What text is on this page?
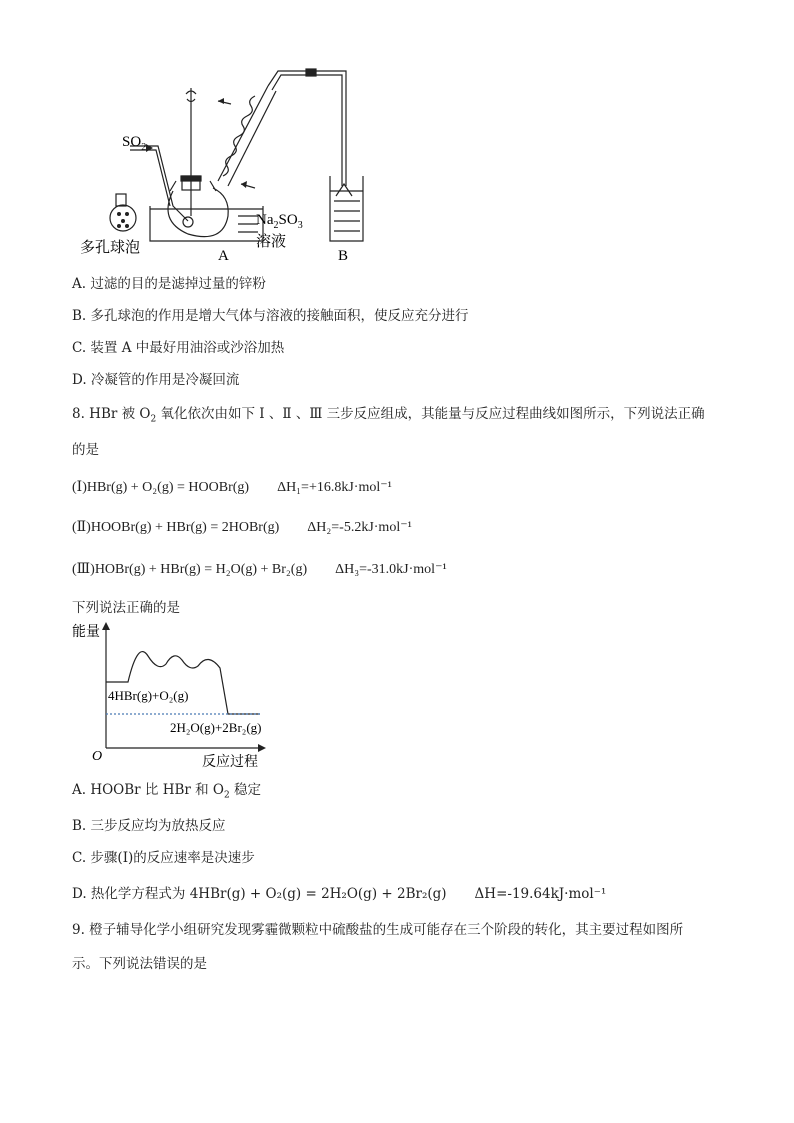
$SO_2$
$Na_2SO_3$
溶液
多孔球泡	A	B
A. 过滤的目的是滤掉过量的锌粉
B. 多孔球泡的作用是增大气体与溶液的接触面积，使反应充分进行
C. 装置 A 中最好用油浴或沙浴加热
D. 冷凝管的作用是冷凝回流
8. HBr 被 $O_2$ 氧化依次由如下 Ⅰ 、Ⅱ 、Ⅲ 三步反应组成，其能量与反应过程曲线如图所示，下列说法正确
的是
(Ⅰ)HBr(g) + O₂(g) = HOOBr(g) ΔH₁=+16.8kJ·mol⁻¹
(Ⅱ)HOOBr(g) + HBr(g) = 2HOBr(g) ΔH₂=-5.2kJ·mol⁻¹
(Ⅲ)HOBr(g) + HBr(g) = H₂O(g) + Br₂(g) ΔH₃=-31.0kJ·mol⁻¹
下列说法正确的是
能量
O	反应过程
4HBr(g)+O₂(g)
2H₂O(g)+2Br₂(g)
A. HOOBr 比 HBr 和 $O_2$ 稳定
B. 三步反应均为放热反应
C. 步骤(Ⅰ)的反应速率是决速步
D. 热化学方程式为 4HBr(g) + O₂(g) = 2H₂O(g) + 2Br₂(g) ΔH=-19.64kJ·mol⁻¹
9. 橙子辅导化学小组研究发现雾霾微颗粒中硫酸盐的生成可能存在三个阶段的转化，其主要过程如图所
示。下列说法错误的是
